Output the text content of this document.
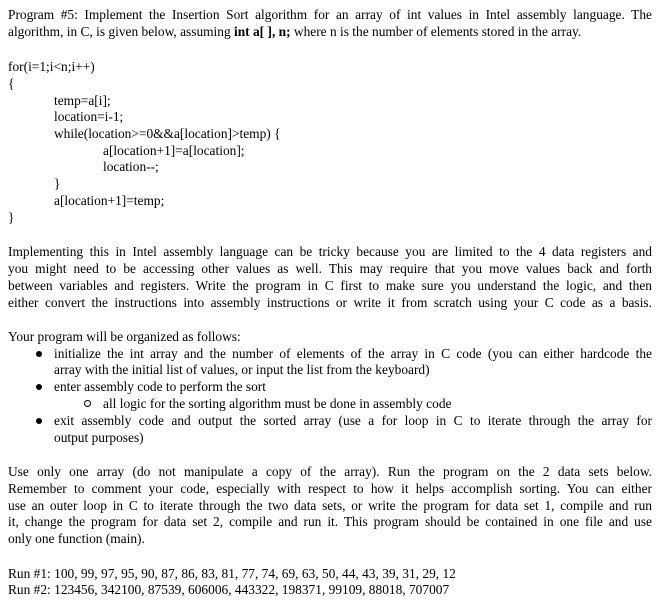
Program #5: Implement the Insertion Sort algorithm for an array of int values in Intel assembly language. The
algorithm, in C, is given below, assuming int a[ ], n; where n is the number of elements stored in the array.
for(i=1;i<n;i++)
{
temp=a[i];
location=i-1;
while(location>=0&&a[location]>temp) {
a[location+1]=a[location];
location--;
}
a[location+1]=temp;
}
Implementing this in Intel assembly language can be tricky because you are limited to the 4 data registers and
you might need to be accessing other values as well. This may require that you move values back and forth
between variables and registers. Write the program in C first to make sure you understand the logic, and then
either convert the instructions into assembly instructions or write it from scratch using your C code as a basis.
Your program will be organized as follows:
initialize the int array and the number of elements of the array in C code (you can either hardcode the
array with the initial list of values, or input the list from the keyboard)
enter assembly code to perform the sort
all logic for the sorting algorithm must be done in assembly code
exit assembly code and output the sorted array (use a for loop in C to iterate through the array for
output purposes)
Use only one array (do not manipulate a copy of the array). Run the program on the 2 data sets below.
Remember to comment your code, especially with respect to how it helps accomplish sorting. You can either
use an outer loop in C to iterate through the two data sets, or write the program for data set 1, compile and run
it, change the program for data set 2, compile and run it. This program should be contained in one file and use
only one function (main).
Run #1: 100, 99, 97, 95, 90, 87, 86, 83, 81, 77, 74, 69, 63, 50, 44, 43, 39, 31, 29, 12
Run #2: 123456, 342100, 87539, 606006, 443322, 198371, 99109, 88018, 707007
